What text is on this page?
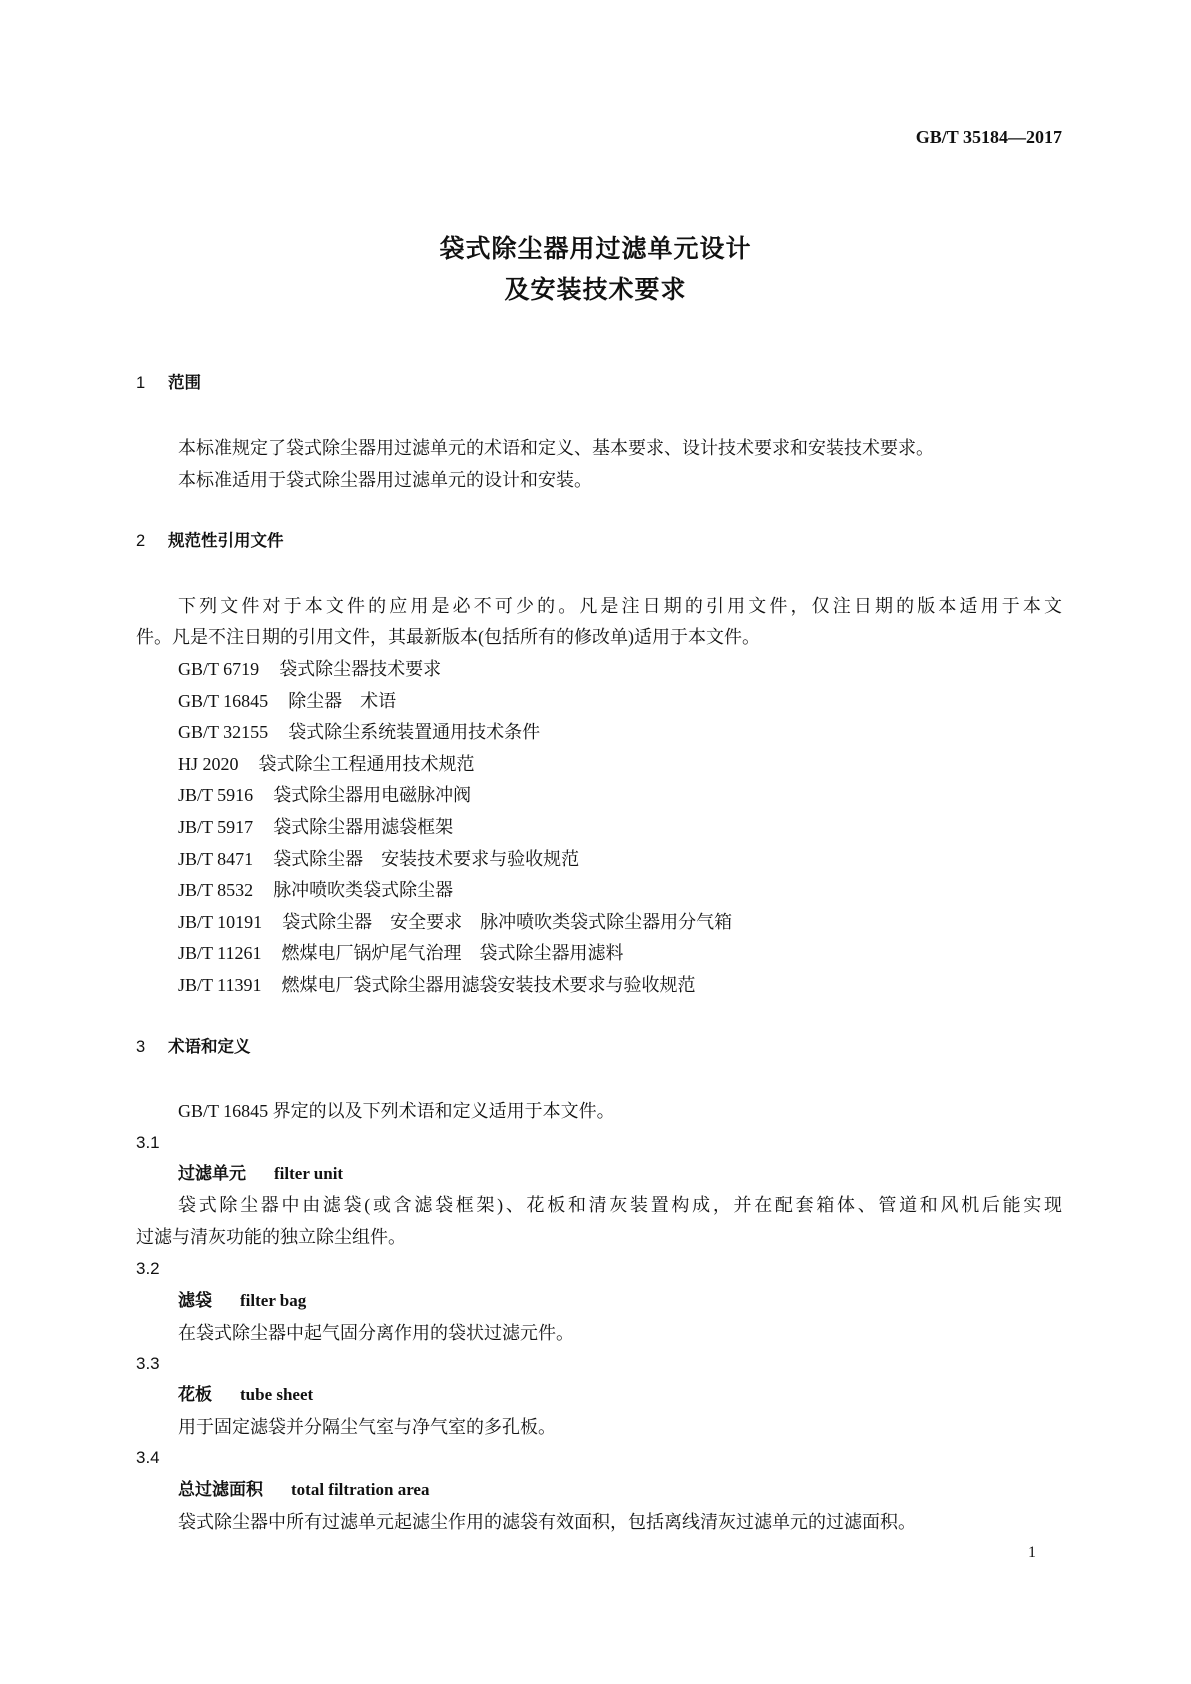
GB/T 35184—2017
袋式除尘器用过滤单元设计
及安装技术要求
1 范围
本标准规定了袋式除尘器用过滤单元的术语和定义、基本要求、设计技术要求和安装技术要求。
本标准适用于袋式除尘器用过滤单元的设计和安装。
2 规范性引用文件
下列文件对于本文件的应用是必不可少的。凡是注日期的引用文件，仅注日期的版本适用于本文
件。凡是不注日期的引用文件，其最新版本(包括所有的修改单)适用于本文件。
GB/T 6719 袋式除尘器技术要求
GB/T 16845 除尘器　术语
GB/T 32155 袋式除尘系统装置通用技术条件
HJ 2020 袋式除尘工程通用技术规范
JB/T 5916 袋式除尘器用电磁脉冲阀
JB/T 5917 袋式除尘器用滤袋框架
JB/T 8471 袋式除尘器　安装技术要求与验收规范
JB/T 8532 脉冲喷吹类袋式除尘器
JB/T 10191 袋式除尘器　安全要求　脉冲喷吹类袋式除尘器用分气箱
JB/T 11261 燃煤电厂锅炉尾气治理　袋式除尘器用滤料
JB/T 11391 燃煤电厂袋式除尘器用滤袋安装技术要求与验收规范
3 术语和定义
GB/T 16845 界定的以及下列术语和定义适用于本文件。
3.1
过滤单元 filter unit
袋式除尘器中由滤袋(或含滤袋框架)、花板和清灰装置构成，并在配套箱体、管道和风机后能实现
过滤与清灰功能的独立除尘组件。
3.2
滤袋 filter bag
在袋式除尘器中起气固分离作用的袋状过滤元件。
3.3
花板 tube sheet
用于固定滤袋并分隔尘气室与净气室的多孔板。
3.4
总过滤面积 total filtration area
袋式除尘器中所有过滤单元起滤尘作用的滤袋有效面积，包括离线清灰过滤单元的过滤面积。
1
